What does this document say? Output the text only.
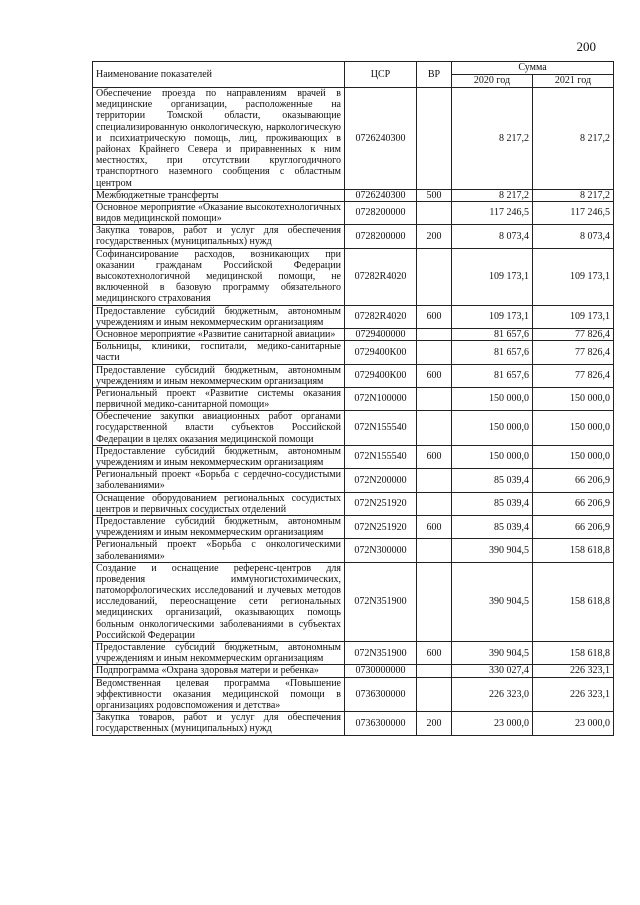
200
Наименование показателей	ЦСР	ВР	Сумма	
			2020 год	2021 год
Обеспечение проезда по направлениям врачей в медицинские организации, расположенные на территории Томской области, оказывающие специализированную онкологическую, наркологическую и психиатрическую помощь, лиц, проживающих в районах Крайнего Севера и приравненных к ним местностях, при отсутствии круглогодичного транспортного наземного сообщения с областным центром	0726240300		8 217,2	8 217,2
Межбюджетные трансферты	0726240300	500	8 217,2	8 217,2
Основное мероприятие «Оказание высокотехнологичных видов медицинской помощи»	0728200000		117 246,5	117 246,5
Закупка товаров, работ и услуг для обеспечения государственных (муниципальных) нужд	0728200000	200	8 073,4	8 073,4
Софинансирование расходов, возникающих при оказании гражданам Российской Федерации высокотехнологичной медицинской помощи, не включенной в базовую программу обязательного медицинского страхования	07282R4020		109 173,1	109 173,1
Предоставление субсидий бюджетным, автономным учреждениям и иным некоммерческим организациям	07282R4020	600	109 173,1	109 173,1
Основное мероприятие «Развитие санитарной авиации»	0729400000		81 657,6	77 826,4
Больницы, клиники, госпитали, медико-санитарные части	0729400К00		81 657,6	77 826,4
Предоставление субсидий бюджетным, автономным учреждениям и иным некоммерческим организациям	0729400К00	600	81 657,6	77 826,4
Региональный проект «Развитие системы оказания первичной медико-санитарной помощи»	072N100000		150 000,0	150 000,0
Обеспечение закупки авиационных работ органами государственной власти субъектов Российской Федерации в целях оказания медицинской помощи	072N155540		150 000,0	150 000,0
Предоставление субсидий бюджетным, автономным учреждениям и иным некоммерческим организациям	072N155540	600	150 000,0	150 000,0
Региональный проект «Борьба с сердечно-сосудистыми заболеваниями»	072N200000		85 039,4	66 206,9
Оснащение оборудованием региональных сосудистых центров и первичных сосудистых отделений	072N251920		85 039,4	66 206,9
Предоставление субсидий бюджетным, автономным учреждениям и иным некоммерческим организациям	072N251920	600	85 039,4	66 206,9
Региональный проект «Борьба с онкологическими заболеваниями»	072N300000		390 904,5	158 618,8
Создание и оснащение референс-центров для проведения иммуногистохимических, патоморфологических исследований и лучевых методов исследований, переоснащение сети региональных медицинских организаций, оказывающих помощь больным онкологическими заболеваниями в субъектах Российской Федерации	072N351900		390 904,5	158 618,8
Предоставление субсидий бюджетным, автономным учреждениям и иным некоммерческим организациям	072N351900	600	390 904,5	158 618,8
Подпрограмма «Охрана здоровья матери и ребенка»	0730000000		330 027,4	226 323,1
Ведомственная целевая программа «Повышение эффективности оказания медицинской помощи в организациях родовспоможения и детства»	0736300000		226 323,0	226 323,1
Закупка товаров, работ и услуг для обеспечения государственных (муниципальных) нужд	0736300000	200	23 000,0	23 000,0
